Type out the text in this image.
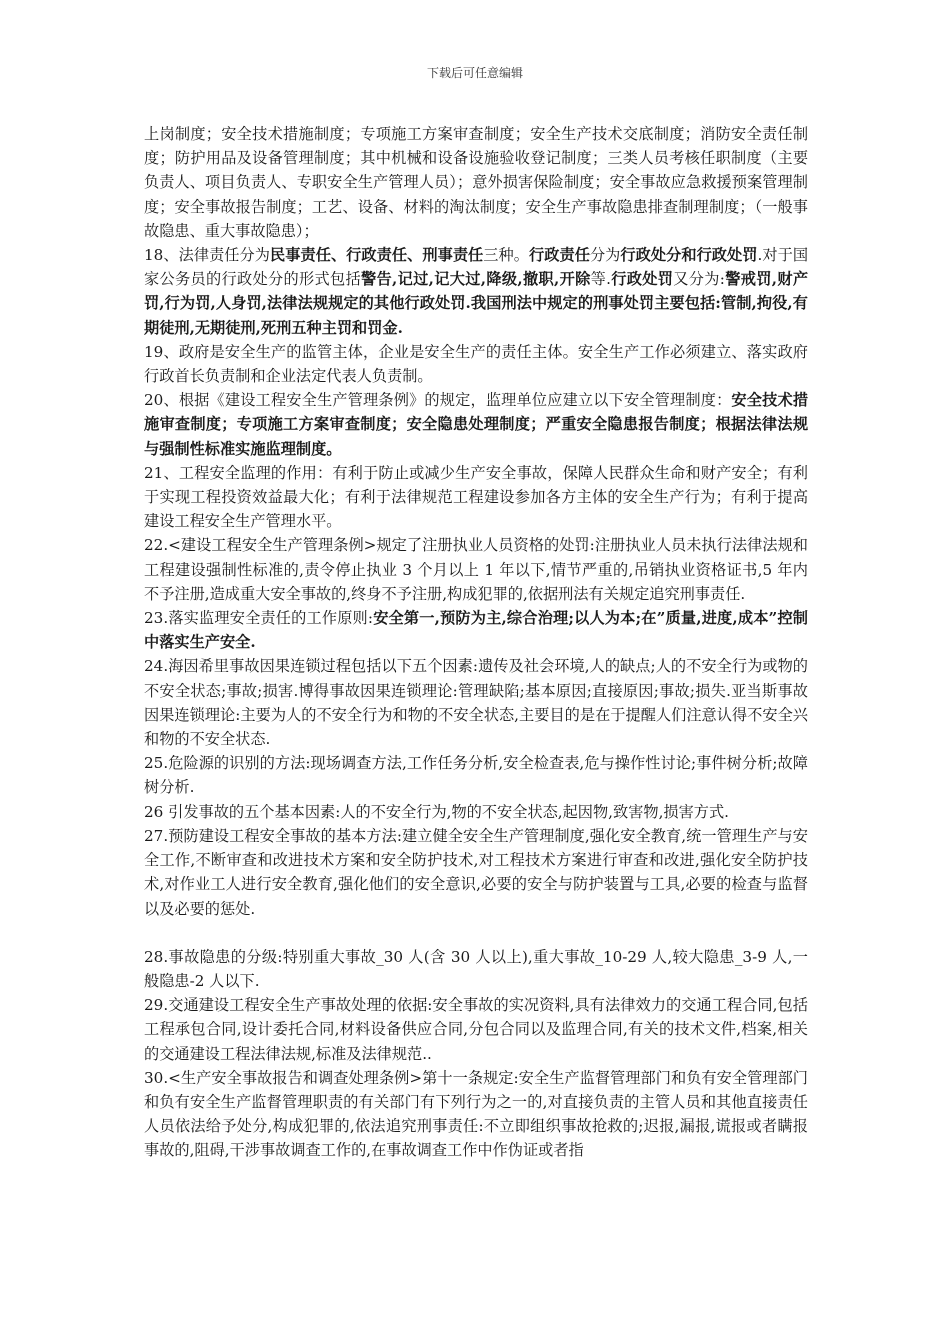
下载后可任意编辑

上岗制度；安全技术措施制度；专项施工方案审查制度；安全生产技术交底制度；消防安全责任制度；防护用品及设备管理制度；其中机械和设备设施验收登记制度；三类人员考核任职制度（主要负责人、项目负责人、专职安全生产管理人员）；意外损害保险制度；安全事故应急救援预案管理制度；安全事故报告制度；工艺、设备、材料的淘汰制度；安全生产事故隐患排查制理制度；（一般事故隐患、重大事故隐患）；

18、法律责任分为民事责任、行政责任、刑事责任三种。行政责任分为行政处分和行政处罚.对于国家公务员的行政处分的形式包括警告,记过,记大过,降级,撤职,开除等.行政处罚又分为:警戒罚,财产罚,行为罚,人身罚,法律法规规定的其他行政处罚.我国刑法中规定的刑事处罚主要包括:管制,拘役,有期徒刑,无期徒刑,死刑五种主罚和罚金.

19、政府是安全生产的监管主体，企业是安全生产的责任主体。安全生产工作必须建立、落实政府行政首长负责制和企业法定代表人负责制。

20、根据《建设工程安全生产管理条例》的规定，监理单位应建立以下安全管理制度：安全技术措施审查制度；专项施工方案审查制度；安全隐患处理制度；严重安全隐患报告制度；根据法律法规与强制性标准实施监理制度。

21、工程安全监理的作用：有利于防止或减少生产安全事故，保障人民群众生命和财产安全；有利于实现工程投资效益最大化；有利于法律规范工程建设参加各方主体的安全生产行为；有利于提高建设工程安全生产管理水平。

22.<建设工程安全生产管理条例>规定了注册执业人员资格的处罚:注册执业人员未执行法律法规和工程建设强制性标准的,责令停止执业 3 个月以上 1 年以下,情节严重的,吊销执业资格证书,5 年内不予注册,造成重大安全事故的,终身不予注册,构成犯罪的,依据刑法有关规定追究刑事责任.

23.落实监理安全责任的工作原则:安全第一,预防为主,综合治理;以人为本;在”质量,进度,成本”控制中落实生产安全.

24.海因希里事故因果连锁过程包括以下五个因素:遗传及社会环境,人的缺点;人的不安全行为或物的不安全状态;事故;损害.博得事故因果连锁理论:管理缺陷;基本原因;直接原因;事故;损失.亚当斯事故因果连锁理论:主要为人的不安全行为和物的不安全状态,主要目的是在于提醒人们注意认得不安全兴和物的不安全状态.

25.危险源的识别的方法:现场调查方法,工作任务分析,安全检查表,危与操作性讨论;事件树分析;故障树分析.

26 引发事故的五个基本因素:人的不安全行为,物的不安全状态,起因物,致害物,损害方式.

27.预防建设工程安全事故的基本方法:建立健全安全生产管理制度,强化安全教育,统一管理生产与安全工作,不断审查和改进技术方案和安全防护技术,对工程技术方案进行审查和改进,强化安全防护技术,对作业工人进行安全教育,强化他们的安全意识,必要的安全与防护装置与工具,必要的检查与监督以及必要的惩处.

28.事故隐患的分级:特别重大事故_30 人(含 30 人以上),重大事故_10-29 人,较大隐患_3-9 人,一般隐患-2 人以下.

29.交通建设工程安全生产事故处理的依据:安全事故的实况资料,具有法律效力的交通工程合同,包括工程承包合同,设计委托合同,材料设备供应合同,分包合同以及监理合同,有关的技术文件,档案,相关的交通建设工程法律法规,标准及法律规范..

30.<生产安全事故报告和调查处理条例>第十一条规定:安全生产监督管理部门和负有安全管理部门和负有安全生产监督管理职责的有关部门有下列行为之一的,对直接负责的主管人员和其他直接责任人员依法给予处分,构成犯罪的,依法追究刑事责任:不立即组织事故抢救的;迟报,漏报,谎报或者瞒报事故的,阻碍,干涉事故调查工作的,在事故调查工作中作伪证或者指
